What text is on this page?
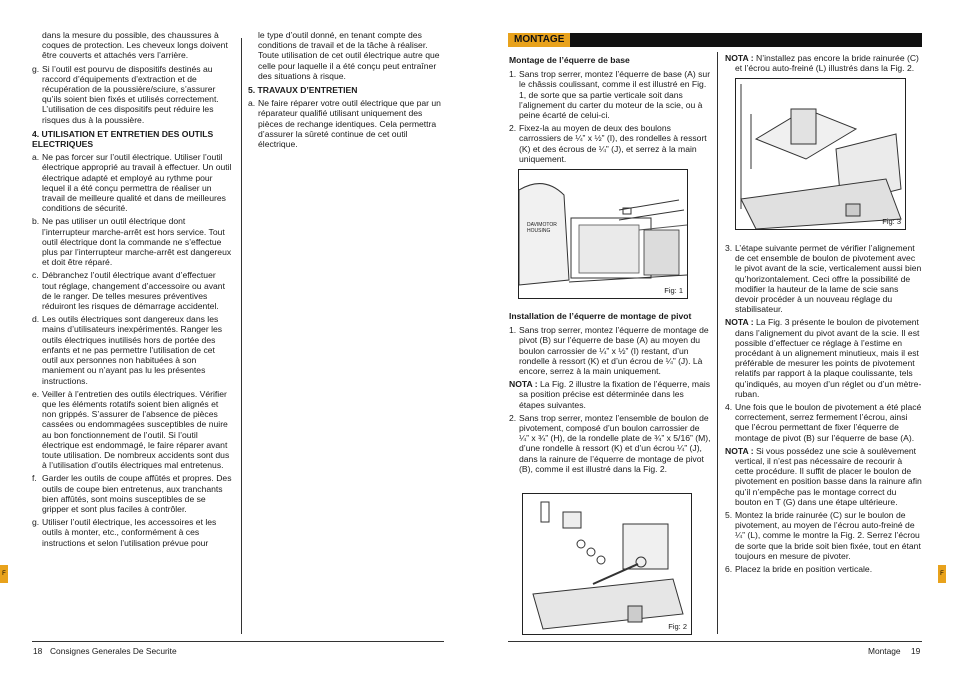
dans la mesure du possible, des chaussures à coques de protection. Les cheveux longs doivent être couverts et attachés vers l’arrière.
g. Si l’outil est pourvu de dispositifs destinés au raccord d’équipements d’extraction et de récupération de la poussière/sciure, s’assurer qu’ils soient bien fixés et utilisés correctement. L’utilisation de ces dispositifs peut réduire les risques dus à la poussière.
4. UTILISATION ET ENTRETIEN DES OUTILS ELECTRIQUES
a. Ne pas forcer sur l’outil électrique. Utiliser l’outil électrique approprié au travail à effectuer. Un outil électrique adapté et employé au rythme pour lequel il a été conçu permettra de réaliser un travail de meilleure qualité et dans de meilleures conditions de sécurité.
b. Ne pas utiliser un outil électrique dont l’interrupteur marche-arrêt est hors service. Tout outil électrique dont la commande ne s’effectue plus par l’interrupteur marche-arrêt est dangereux et doit être réparé.
c. Débranchez l’outil électrique avant d’effectuer tout réglage, changement d’accessoire ou avant de le ranger. De telles mesures préventives réduiront les risques de démarrage accidentel.
d. Les outils électriques sont dangereux dans les mains d’utilisateurs inexpérimentés. Ranger les outils électriques inutilisés hors de portée des enfants et ne pas permettre l’utilisation de cet outil aux personnes non habituées à son maniement ou n’ayant pas lu les présentes instructions.
e. Veiller à l’entretien des outils électriques. Vérifier que les éléments rotatifs soient bien alignés et non grippés. S’assurer de l’absence de pièces cassées ou endommagées susceptibles de nuire au bon fonctionnement de l’outil. Si l’outil électrique est endommagé, le faire réparer avant toute utilisation. De nombreux accidents sont dus à l’utilisation d’outils électriques mal entretenus.
f. Garder les outils de coupe affûtés et propres. Des outils de coupe bien entretenus, aux tranchants bien affûtés, sont moins susceptibles de se gripper et sont plus faciles à contrôler.
g. Utiliser l’outil électrique, les accessoires et les outils à monter, etc., conformément à ces instructions et selon l’utilisation prévue pour
le type d’outil donné, en tenant compte des conditions de travail et de la tâche à réaliser. Toute utilisation de cet outil électrique autre que celle pour laquelle il a été conçu peut entraîner des situations à risque.
5. TRAVAUX D’ENTRETIEN
a. Ne faire réparer votre outil électrique que par un réparateur qualifié utilisant uniquement des pièces de rechange identiques. Cela permettra d’assurer la sûreté continue de cet outil électrique.
18 Consignes Generales De Securite
F
MONTAGE
Montage de l’équerre de base
1. Sans trop serrer, montez l’équerre de base (A) sur le châssis coulissant, comme il est illustré en Fig. 1, de sorte que sa partie verticale soit dans l’alignement du carter du moteur de la scie, ou à peine écarté de celui-ci.
2. Fixez-la au moyen de deux des boulons carrossiers de ¼” x ½” (I), des rondelles à ressort (K) et des écrous de ¼” (J), et serrez à la main uniquement.
DAVIMOTOR HOUSING
Fig: 1
Installation de l’équerre de montage de pivot
1. Sans trop serrer, montez l’équerre de montage de pivot (B) sur l’équerre de base (A) au moyen du boulon carrossier de ¼” x ½” (I) restant, d’un rondelle à ressort (K) et d’un écrou de ¼” (J). Là encore, serrez à la main uniquement.
NOTA : La Fig. 2 illustre la fixation de l’équerre, mais sa position précise est déterminée dans les étapes suivantes.
2. Sans trop serrer, montez l’ensemble de boulon de pivotement, composé d’un boulon carrossier de ¼” x ¾” (H), de la rondelle plate de ¾” x 5/16” (M), d’une rondelle à ressort (K) et d’un écrou ¼” (J), dans la rainure de l’équerre de montage de pivot (B), comme il est illustré dans la Fig. 2.
Fig: 2
NOTA : N’installez pas encore la bride rainurée (C) et l’écrou auto-freiné (L) illustrés dans la Fig. 2.
Fig: 3
3. L’étape suivante permet de vérifier l’alignement de cet ensemble de boulon de pivotement avec le pivot avant de la scie, verticalement aussi bien qu’horizontalement. Ceci offre la possibilité de modifier la hauteur de la lame de scie sans devoir procéder à un nouveau réglage du stabilisateur.
NOTA : La Fig. 3 présente le boulon de pivotement dans l’alignement du pivot avant de la scie. Il est possible d’effectuer ce réglage à l’estime en procédant à un alignement minutieux, mais il est préférable de mesurer les points de pivotement relatifs par rapport à la plaque coulissante, tels qu’indiqués, au moyen d’un réglet ou d’un mètre-ruban.
4. Une fois que le boulon de pivotement a été placé correctement, serrez fermement l’écrou, ainsi que l’écrou permettant de fixer l’équerre de montage de pivot (B) sur l’équerre de base (A).
NOTA : Si vous possédez une scie à soulèvement vertical, il n’est pas nécessaire de recourir à cette procédure. Il suffit de placer le boulon de pivotement en position basse dans la rainure afin qu’il n’empêche pas le montage correct du bouton en T (G) dans une étape ultérieure.
5. Montez la bride rainurée (C) sur le boulon de pivotement, au moyen de l’écrou auto-freiné de ¼” (L), comme le montre la Fig. 2. Serrez l’écrou de sorte que la bride soit bien fixée, tout en étant toujours en mesure de pivoter.
6. Placez la bride en position verticale.
Montage 19
F
